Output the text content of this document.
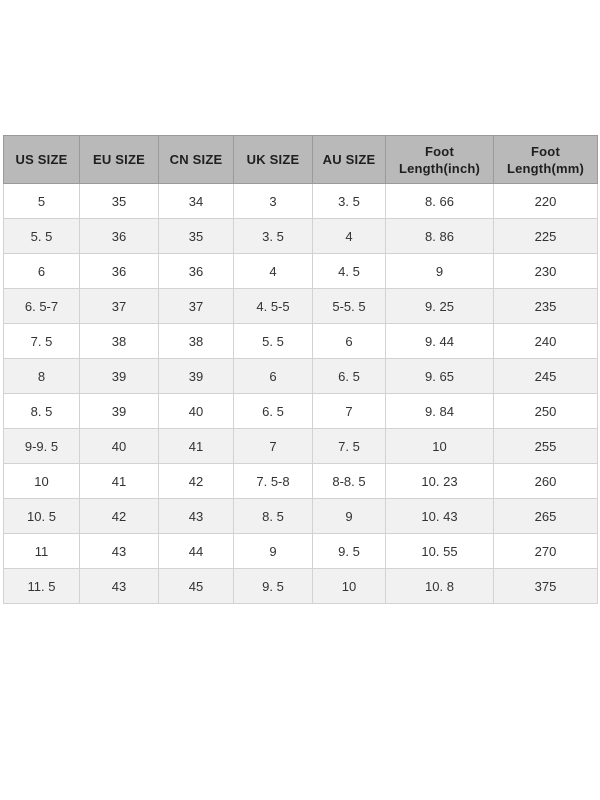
US SIZE	EU SIZE	CN SIZE	UK SIZE	AU SIZE	Foot Length(inch)	Foot Length(mm)
5	35	34	3	3. 5	8. 66	220
5. 5	36	35	3. 5	4	8. 86	225
6	36	36	4	4. 5	9	230
6. 5-7	37	37	4. 5-5	5-5. 5	9. 25	235
7. 5	38	38	5. 5	6	9. 44	240
8	39	39	6	6. 5	9. 65	245
8. 5	39	40	6. 5	7	9. 84	250
9-9. 5	40	41	7	7. 5	10	255
10	41	42	7. 5-8	8-8. 5	10. 23	260
10. 5	42	43	8. 5	9	10. 43	265
11	43	44	9	9. 5	10. 55	270
11. 5	43	45	9. 5	10	10. 8	375
